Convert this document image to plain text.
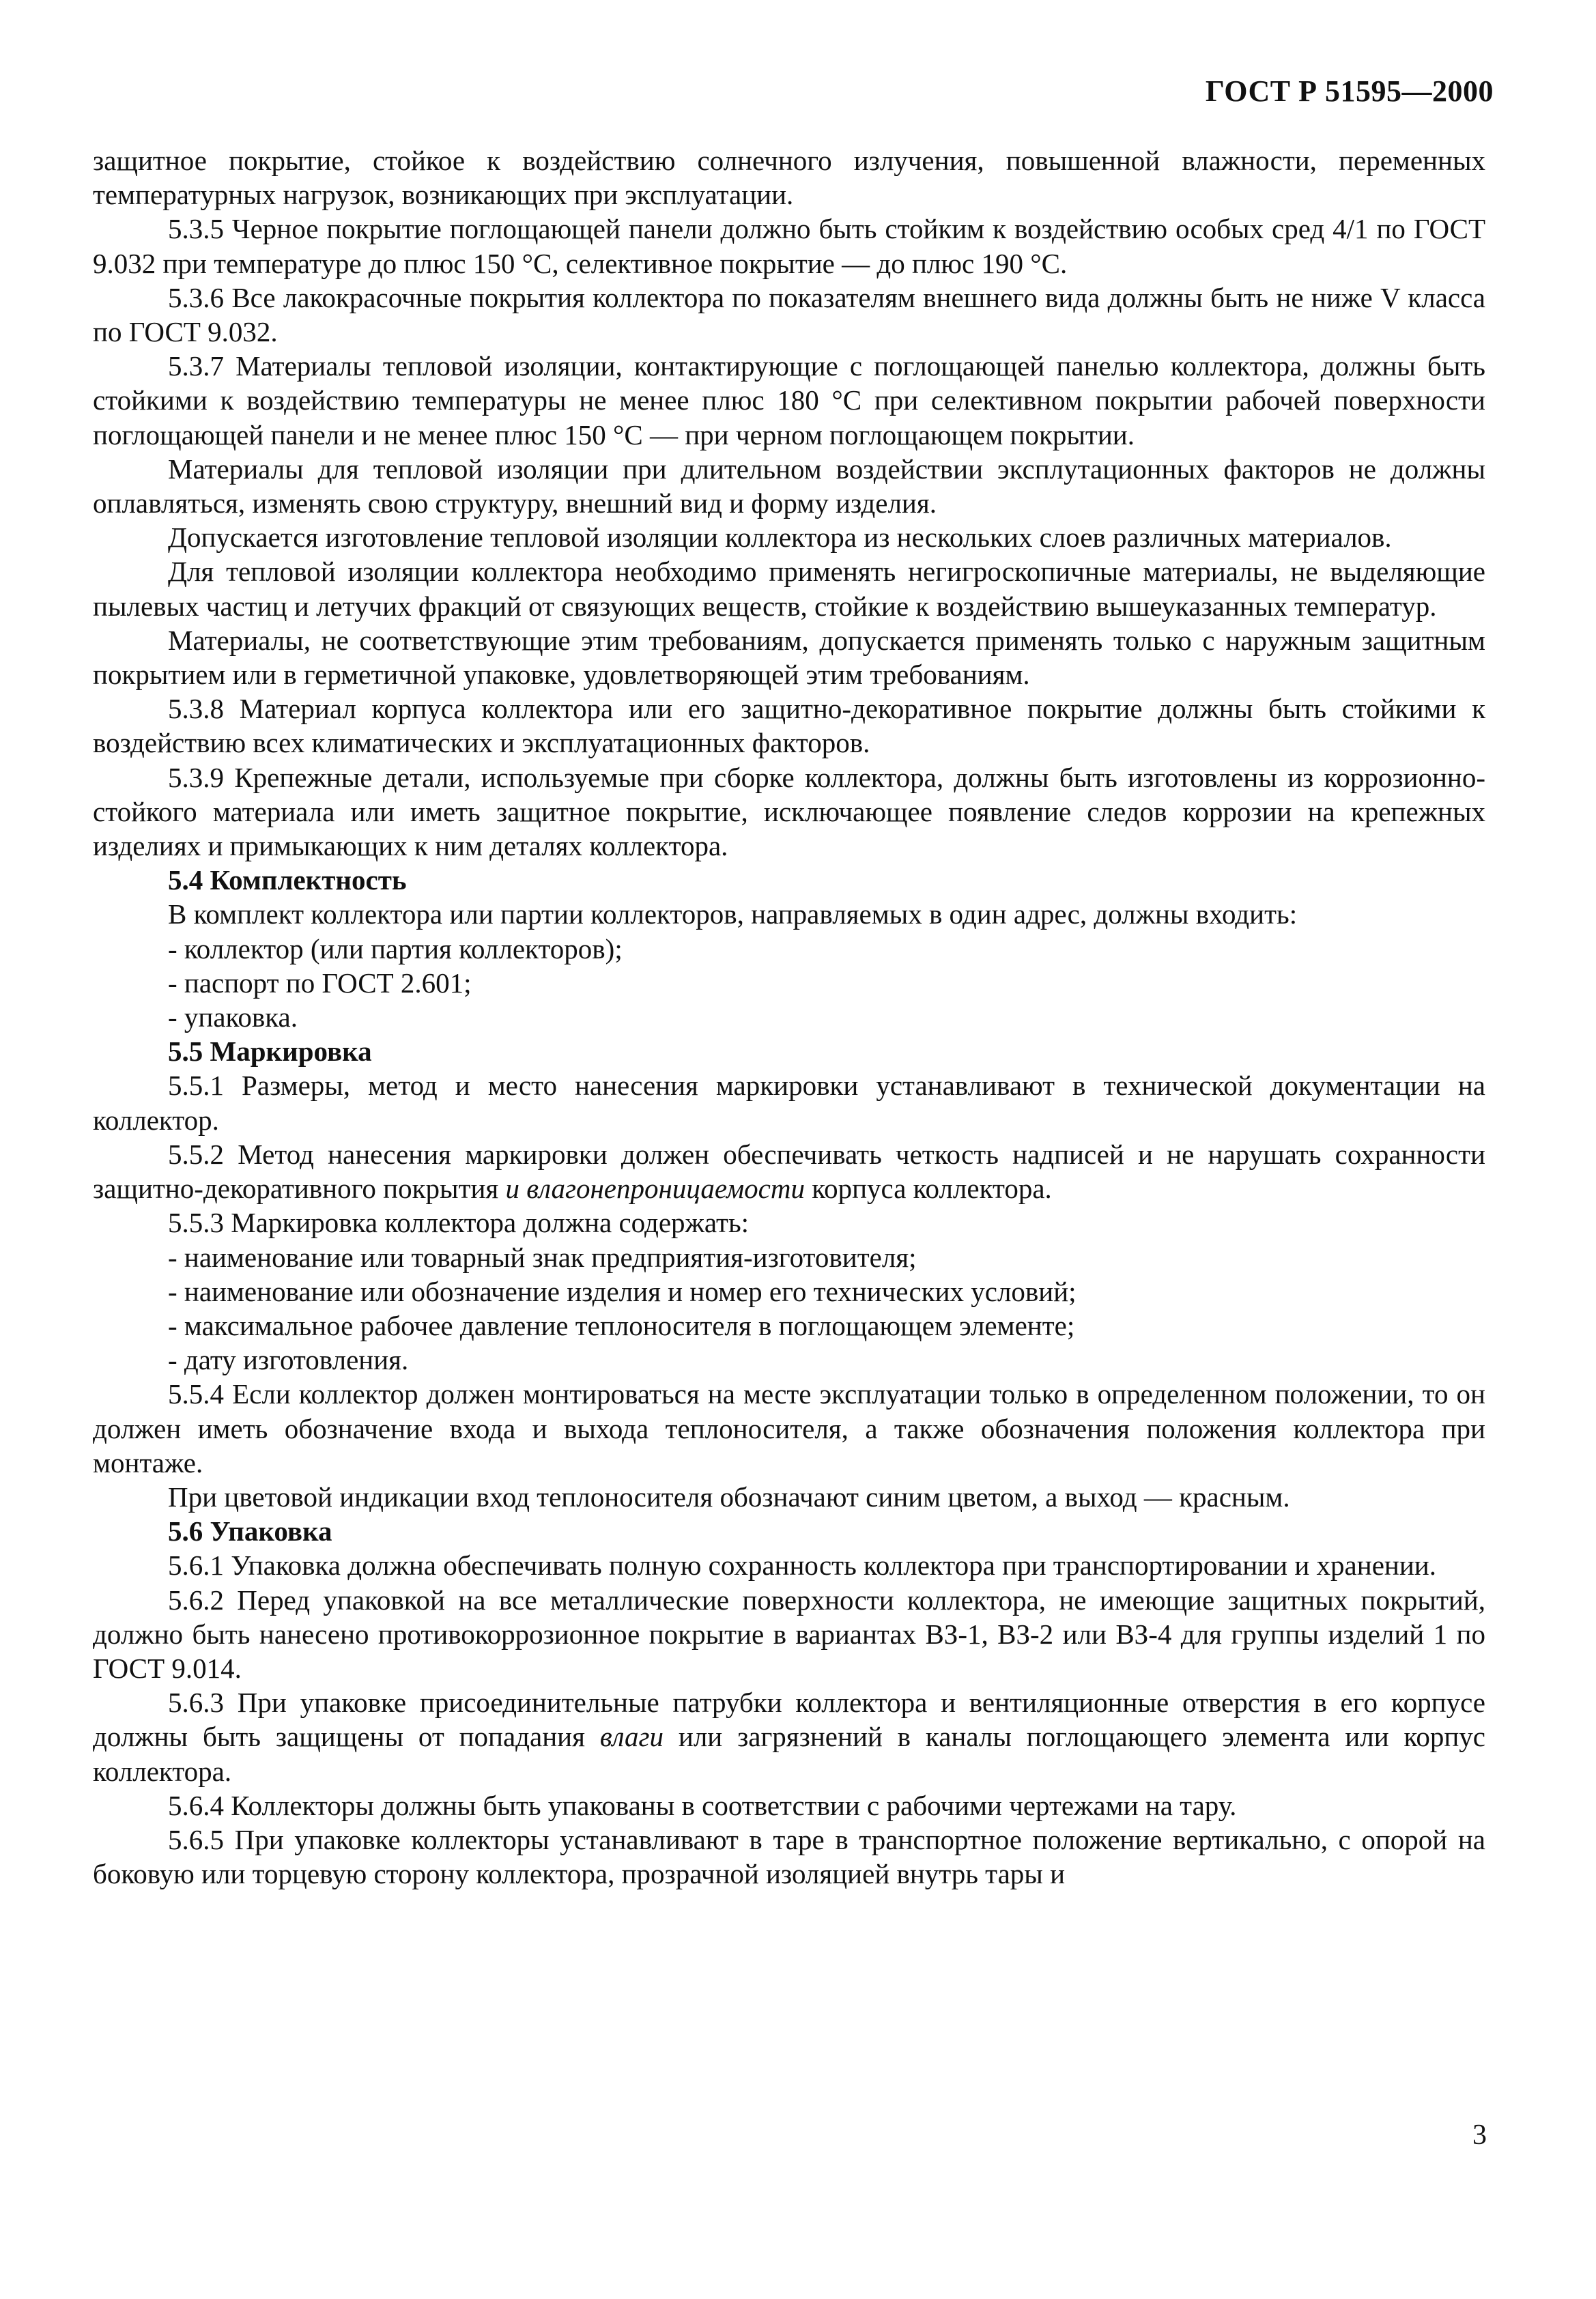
ГОСТ Р 51595—2000

защитное покрытие, стойкое к воздействию солнечного излучения, повышенной влажности, переменных температурных нагрузок, возникающих при эксплуатации.

5.3.5 Черное покрытие поглощающей панели должно быть стойким к воздействию особых сред 4/1 по ГОСТ 9.032 при температуре до плюс 150 °С, селективное покрытие — до плюс 190 °С.

5.3.6 Все лакокрасочные покрытия коллектора по показателям внешнего вида должны быть не ниже V класса по ГОСТ 9.032.

5.3.7 Материалы тепловой изоляции, контактирующие с поглощающей панелью коллектора, должны быть стойкими к воздействию температуры не менее плюс 180 °С при селективном покрытии рабочей поверхности поглощающей панели и не менее плюс 150 °С — при черном поглощающем покрытии.

Материалы для тепловой изоляции при длительном воздействии эксплутационных факторов не должны оплавляться, изменять свою структуру, внешний вид и форму изделия.

Допускается изготовление тепловой изоляции коллектора из нескольких слоев различных материалов.

Для тепловой изоляции коллектора необходимо применять негигроскопичные материалы, не выделяющие пылевых частиц и летучих фракций от связующих веществ, стойкие к воздействию вышеуказанных температур.

Материалы, не соответствующие этим требованиям, допускается применять только с наружным защитным покрытием или в герметичной упаковке, удовлетворяющей этим требованиям.

5.3.8 Материал корпуса коллектора или его защитно-декоративное покрытие должны быть стойкими к воздействию всех климатических и эксплуатационных факторов.

5.3.9 Крепежные детали, используемые при сборке коллектора, должны быть изготовлены из коррозионно-стойкого материала или иметь защитное покрытие, исключающее появление следов коррозии на крепежных изделиях и примыкающих к ним деталях коллектора.

5.4 Комплектность

В комплект коллектора или партии коллекторов, направляемых в один адрес, должны входить:

- коллектор (или партия коллекторов);

- паспорт по ГОСТ 2.601;

- упаковка.

5.5 Маркировка

5.5.1 Размеры, метод и место нанесения маркировки устанавливают в технической документации на коллектор.

5.5.2 Метод нанесения маркировки должен обеспечивать четкость надписей и не нарушать сохранности защитно-декоративного покрытия и влагонепроницаемости корпуса коллектора.

5.5.3 Маркировка коллектора должна содержать:

- наименование или товарный знак предприятия-изготовителя;

- наименование или обозначение изделия и номер его технических условий;

- максимальное рабочее давление теплоносителя в поглощающем элементе;

- дату изготовления.

5.5.4 Если коллектор должен монтироваться на месте эксплуатации только в определенном положении, то он должен иметь обозначение входа и выхода теплоносителя, а также обозначения положения коллектора при монтаже.

При цветовой индикации вход теплоносителя обозначают синим цветом, а выход — красным.

5.6 Упаковка

5.6.1 Упаковка должна обеспечивать полную сохранность коллектора при транспортировании и хранении.

5.6.2 Перед упаковкой на все металлические поверхности коллектора, не имеющие защитных покрытий, должно быть нанесено противокоррозионное покрытие в вариантах ВЗ-1, ВЗ-2 или ВЗ-4 для группы изделий 1 по ГОСТ 9.014.

5.6.3 При упаковке присоединительные патрубки коллектора и вентиляционные отверстия в его корпусе должны быть защищены от попадания влаги или загрязнений в каналы поглощающего элемента или корпус коллектора.

5.6.4 Коллекторы должны быть упакованы в соответствии с рабочими чертежами на тару.

5.6.5 При упаковке коллекторы устанавливают в таре в транспортное положение вертикально, с опорой на боковую или торцевую сторону коллектора, прозрачной изоляцией внутрь тары и

3
